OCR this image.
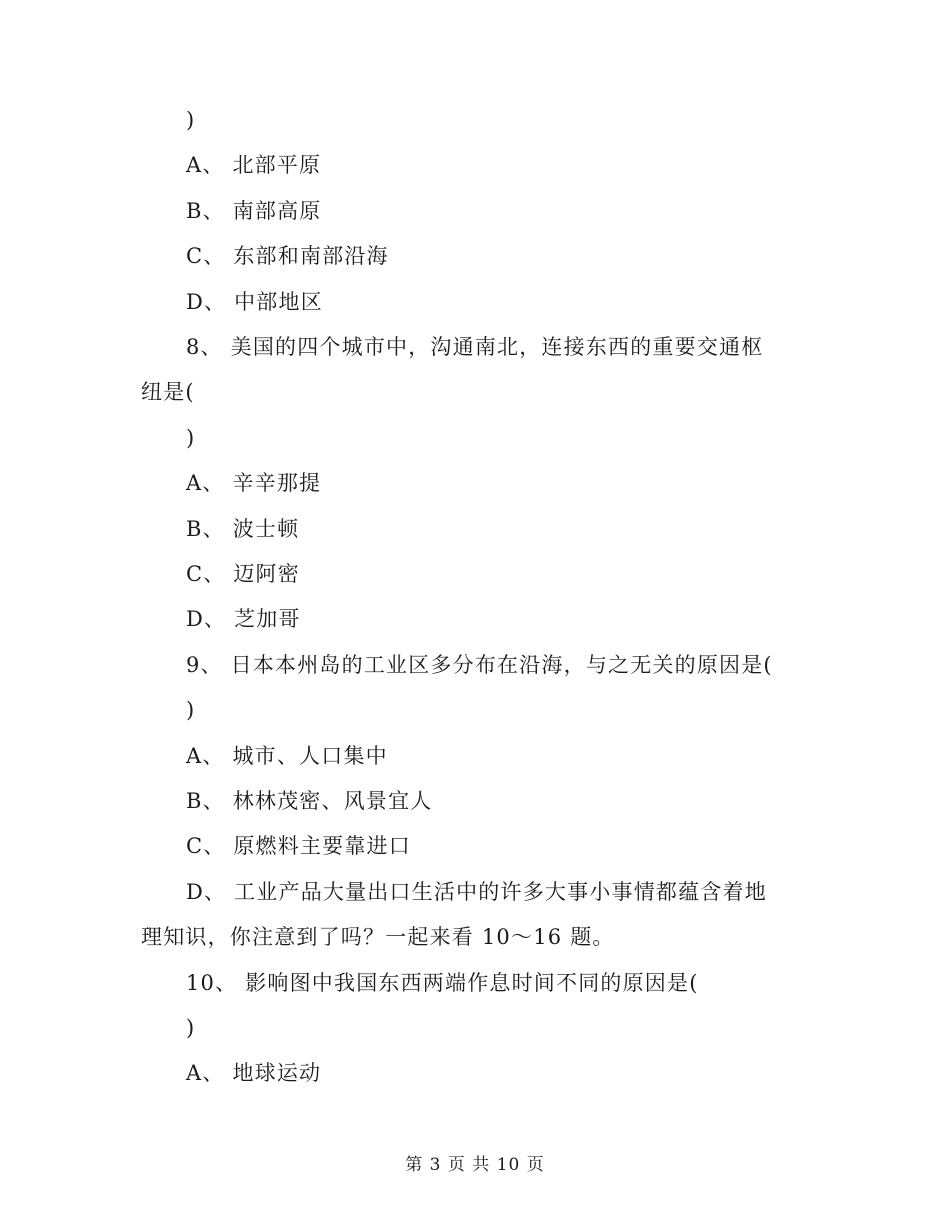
)
A、 北部平原
B、 南部高原
C、 东部和南部沿海
D、 中部地区
8、 美国的四个城市中，沟通南北，连接东西的重要交通枢
纽是(
)
A、 辛辛那提
B、 波士顿
C、 迈阿密
D、 芝加哥
9、 日本本州岛的工业区多分布在沿海，与之无关的原因是(
)
A、 城市、人口集中
B、 林林茂密、风景宜人
C、 原燃料主要靠进口
D、 工业产品大量出口生活中的许多大事小事情都蕴含着地
理知识，你注意到了吗？一起来看 10～16 题。
10、 影响图中我国东西两端作息时间不同的原因是(
)
A、 地球运动
第 3 页 共 10 页
